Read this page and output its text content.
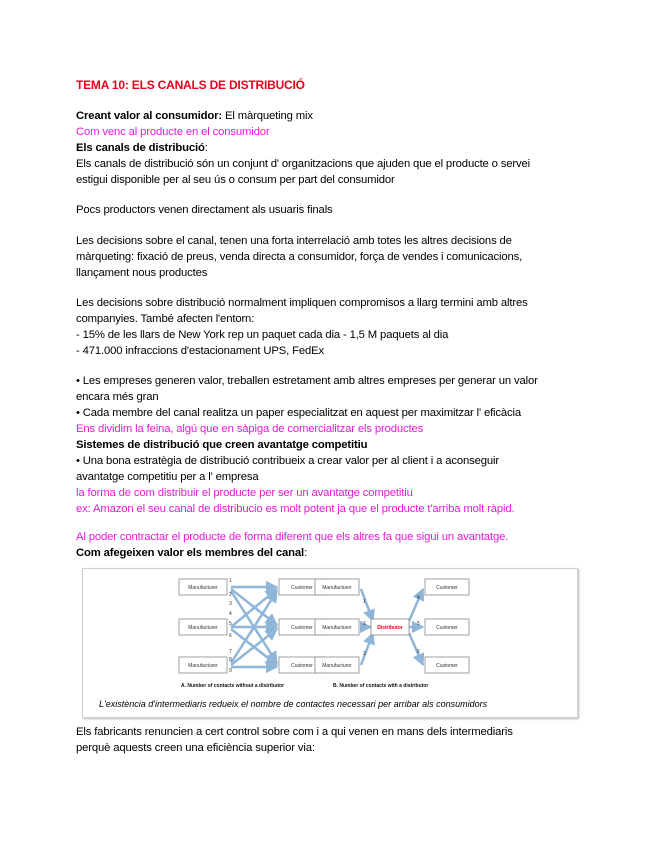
TEMA 10: ELS CANALS DE DISTRIBUCIÓ
Creant valor al consumidor: El màrqueting mix
Com venc al producte en el consumidor
Els canals de distribució:
Els canals de distribució són un conjunt d' organitzacions que ajuden que el producte o servei
estigui disponible per al seu ús o consum per part del consumidor
Pocs productors venen directament als usuaris finals
Les decisions sobre el canal, tenen una forta interrelació amb totes les altres decisions de
màrqueting: fixació de preus, venda directa a consumidor, força de vendes i comunicacions,
llançament nous productes
Les decisions sobre distribució normalment impliquen compromisos a llarg termini amb altres
companyies. També afecten l'entorn:
- 15% de les llars de New York rep un paquet cada dia - 1,5 M paquets al dia
- 471.000 infraccions d'estacionament UPS, FedEx
• Les empreses generen valor, treballen estretament amb altres empreses per generar un valor
encara més gran
• Cada membre del canal realitza un paper especialitzat en aquest per maximitzar l' eficàcia
Ens dividim la feina, algú que en sàpiga de comercialitzar els productes
Sistemes de distribució que creen avantatge competitiu
• Una bona estratègia de distribució contribueix a crear valor per al client i a aconseguir
avantatge competitiu per a l' empresa
la forma de com distribuir el producte per ser un avantatge competitiu
ex: Amazon el seu canal de distribucio es molt potent ja que el producte t'arriba molt ràpid.
Al poder contractar el producte de forma diferent que els altres fa que sigui un avantatge.
Com afegeixen valor els membres del canal:
Manufacturer
Manufacturer
Manufacturer
Customer
Customer
Customer
1
2
3
4
5
6
7
8
9
Manufacturer
Manufacturer
Manufacturer
Distributor
Customer
Customer
Customer
1
2
3
4
5
6
A. Number of contacts without a distributor	B. Number of contacts with a distributor
L'existència d'intermediaris redueix el nombre de contactes necessari per arribar als consumidors
Els fabricants renuncien a cert control sobre com i a qui venen en mans dels intermediaris
perquè aquests creen una eficiència superior via:
